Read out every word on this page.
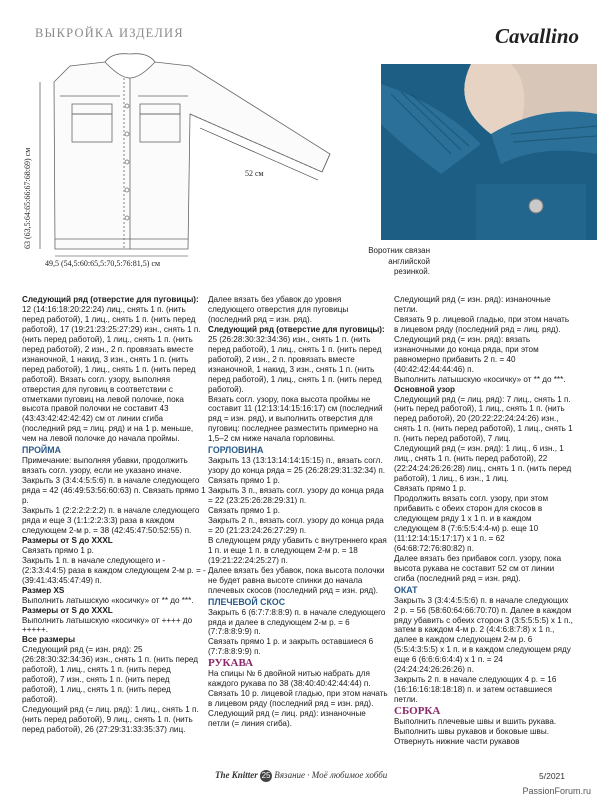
ВЫКРОЙКА ИЗДЕЛИЯ	Cavallino
63 (63,5:64:65:66:67:68:69) см	52 см
49,5 (54,5:60:65,5:70,5:76:81,5) см
Воротник связан
английской
резинкой.

Следующий ряд (отверстие для пуговицы):

12 (14:16:18:20:22:24) лиц., снять 1 п. (нить перед работой), 1 лиц., снять 1 п. (нить перед работой), 17 (19:21:23:25:27:29) изн., снять 1 п. (нить перед работой), 1 лиц., снять 1 п. (нить перед работой), 2 изн., 2 п. провязать вместе изнаночной, 1 накид, 3 изн., снять 1 п. (нить перед работой), 1 лиц., снять 1 п. (нить перед работой). Вязать согл. узору, выполняя отверстия для пуговиц в соответствии с отметками пуговиц на левой полочке, пока высота правой полочки не составит 43 (43:43:42:42:42:42) см от линии сгиба (последний ряд = лиц. ряд) и на 1 р. меньше, чем на левой полочке до начала проймы.

ПРОЙМА

Примечание: выполняя убавки, продолжить вязать согл. узору, если не указано иначе.

Закрыть 3 (3:4:4:5:5:6) п. в начале следующего ряда = 42 (46:49:53:56:60:63) п. Связать прямо 1 р.

Закрыть 1 (2:2:2:2:2:2) п. в начале следующего ряда и еще 3 (1:1:2:2:3:3) раза в каждом следующем 2-м р. = 38 (42:45:47:50:52:55) п.

Размеры от S до XXXL

Связать прямо 1 р.

Закрыть 1 п. в начале следующего и - (2:3:3:4:4:5) раза в каждом следующем 2-м р. = - (39:41:43:45:47:49) п.

Размер XS

Выполнить латышскую «косичку» от ** до ***.

Размеры от S до XXXL

Выполнить латышскую «косичку» от ++++ до +++++.

Все размеры

Следующий ряд (= изн. ряд): 25 (26:28:30:32:34:36) изн., снять 1 п. (нить перед работой), 1 лиц., снять 1 п. (нить перед работой), 7 изн., снять 1 п. (нить перед работой), 1 лиц., снять 1 п. (нить перед работой).

Следующий ряд (= лиц. ряд): 1 лиц., снять 1 п. (нить перед работой), 9 лиц., снять 1 п. (нить перед работой), 26 (27:29:31:33:35:37) лиц.

Далее вязать без убавок до уровня следующего отверстия для пуговицы (последний ряд = изн. ряд).

Следующий ряд (отверстие для пуговицы):

25 (26:28:30:32:34:36) изн., снять 1 п. (нить перед работой), 1 лиц., снять 1 п. (нить перед работой), 2 изн., 2 п. провязать вместе изнаночной, 1 накид, 3 изн., снять 1 п. (нить перед работой), 1 лиц., снять 1 п. (нить перед работой).

Вязать согл. узору, пока высота проймы не составит 11 (12:13:14:15:16:17) см (последний ряд = изн. ряд), и выполнить отверстия для пуговиц: последнее разместить примерно на 1,5–2 см ниже начала горловины.

ГОРЛОВИНА

Закрыть 13 (13:13:14:14:15:15) п., вязать согл. узору до конца ряда = 25 (26:28:29:31:32:34) п. Связать прямо 1 р.

Закрыть 3 п., вязать согл. узору до конца ряда = 22 (23:25:26:28:29:31) п.

Связать прямо 1 р.

Закрыть 2 п., вязать согл. узору до конца ряда = 20 (21:23:24:26:27:29) п.

В следующем ряду убавить с внутреннего края 1 п. и еще 1 п. в следующем 2-м р. = 18 (19:21:22:24:25:27) п.

Далее вязать без убавок, пока высота полочки не будет равна высоте спинки до начала плечевых скосов (последний ряд = изн. ряд).

ПЛЕЧЕВОЙ СКОС

Закрыть 6 (6:7:7:8:8:9) п. в начале следующего ряда и далее в следующем 2-м р. = 6 (7:7:8:8:9:9) п.

Связать прямо 1 р. и закрыть оставшиеся 6 (7:7:8:8:9:9) п.

РУКАВА

На спицы № 6 двойной нитью набрать для каждого рукава по 38 (38:40:40:42:44:44) п.

Связать 10 р. лицевой гладью, при этом начать в лицевом ряду (последний ряд = изн. ряд).

Следующий ряд (= лиц. ряд): изнаночные петли (= линия сгиба).

Следующий ряд (= изн. ряд): изнаночные петли.

Связать 9 р. лицевой гладью, при этом начать в лицевом ряду (последний ряд = лиц. ряд).

Следующий ряд (= изн. ряд): вязать изнаночными до конца ряда, при этом равномерно прибавить 2 п. = 40 (40:42:42:44:44:46) п.

Выполнить латышскую «косичку» от ** до ***.

Основной узор

Следующий ряд (= лиц. ряд): 7 лиц., снять 1 п. (нить перед работой), 1 лиц., снять 1 п. (нить перед работой), 20 (20:22:22:24:24:26) изн., снять 1 п. (нить перед работой), 1 лиц., снять 1 п. (нить перед работой), 7 лиц.

Следующий ряд (= изн. ряд): 1 лиц., 6 изн., 1 лиц., снять 1 п. (нить перед работой), 22 (22:24:24:26:26:28) лиц., снять 1 п. (нить перед работой), 1 лиц., 6 изн., 1 лиц.

Связать прямо 1 р.

Продолжить вязать согл. узору, при этом прибавить с обеих сторон для скосов в следующем ряду 1 х 1 п. и в каждом следующем 8 (7:6:5:5:4:4-м) р. еще 10 (11:12:14:15:17:17) х 1 п. = 62 (64:68:72:76:80:82) п.

Далее вязать без прибавок согл. узору, пока высота рукава не составит 52 см от линии сгиба (последний ряд = изн. ряд).

ОКАТ

Закрыть 3 (3:4:4:5:5:6) п. в начале следующих 2 р. = 56 (58:60:64:66:70:70) п. Далее в каждом ряду убавить с обеих сторон 3 (3:5:5:5:5) х 1 п., затем в каждом 4-м р. 2 (4:4:6:8:7:8) х 1 п., далее в каждом следующем 2-м р. 6 (5:5:4:3:5:5) х 1 п. и в каждом следующем ряду еще 6 (6:6:6:6:4:4) х 1 п. = 24 (24:24:24:26:26:26) п.

Закрыть 2 п. в начале следующих 4 р. = 16 (16:16:16:18:18:18) п. и затем оставшиеся петли.

СБОРКА

Выполнить плечевые швы и вшить рукава.

Выполнить швы рукавов и боковые швы. Отвернуть нижние части рукавов

The Knitter 25 Вязание · Моё любимое хобби	5/2021
PassionForum.ru
